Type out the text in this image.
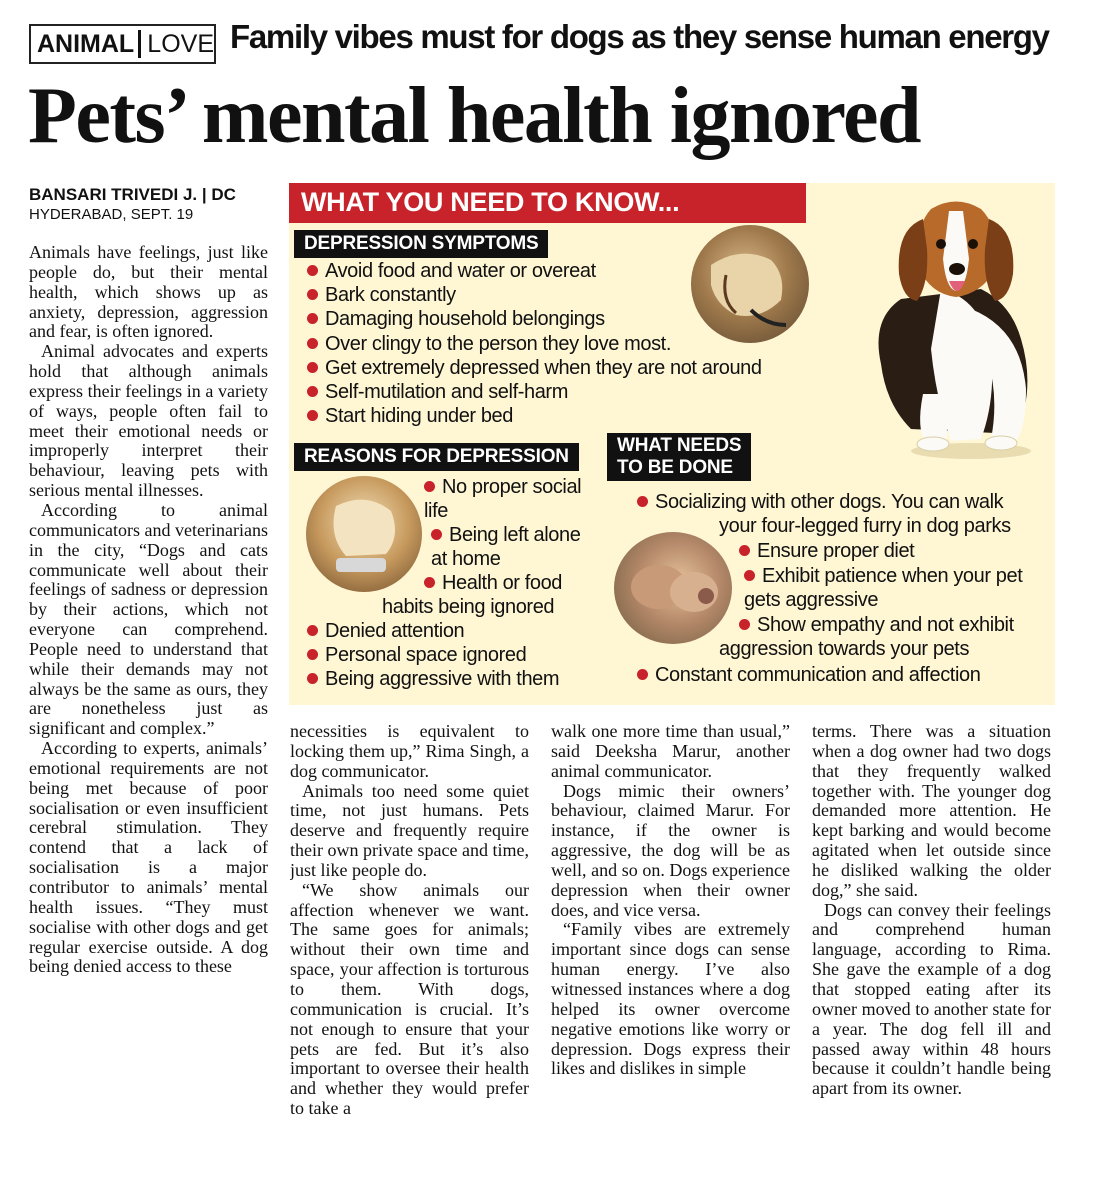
ANIMAL LOVE Family vibes must for dogs as they sense human energy
Pets’ mental health ignored
BANSARI TRIVEDI J. | DC
HYDERABAD, SEPT. 19

Animals have feelings, just like people do, but their mental health, which shows up as anxiety, depression, aggression and fear, is often ignored.

Animal advocates and experts hold that although animals express their feelings in a variety of ways, people often fail to meet their emotional needs or improperly interpret their behaviour, leaving pets with serious mental illnesses.

According to animal communicators and veterinarians in the city, “Dogs and cats communicate well about their feelings of sadness or depression by their actions, which not everyone can comprehend. People need to understand that while their demands may not always be the same as ours, they are nonetheless just as significant and complex.”

According to experts, animals’ emotional requirements are not being met because of poor socialisation or even insufficient cerebral stimulation. They contend that a lack of socialisation is a major contributor to animals’ mental health issues. “They must socialise with other dogs and get regular exercise outside. A dog being denied access to these

WHAT YOU NEED TO KNOW...
DEPRESSION SYMPTOMS
Avoid food and water or overeat
Bark constantly
Damaging household belongings
Over clingy to the person they love most.
Get extremely depressed when they are not around
Self-mutilation and self-harm
Start hiding under bed
REASONS FOR DEPRESSION
No proper social
life
Being left alone
at home
Health or food
habits being ignored
Denied attention
Personal space ignored
Being aggressive with them
WHAT NEEDS
TO BE DONE
Socializing with other dogs. You can walk
your four-legged furry in dog parks
Ensure proper diet
Exhibit patience when your pet
gets aggressive
Show empathy and not exhibit
aggression towards your pets
Constant communication and affection

necessities is equivalent to locking them up,” Rima Singh, a dog communicator.

Animals too need some quiet time, not just humans. Pets deserve and frequently require their own private space and time, just like people do.

“We show animals our affection whenever we want. The same goes for animals; without their own time and space, your affection is torturous to them. With dogs, communication is crucial. It’s not enough to ensure that your pets are fed. But it’s also important to oversee their health and whether they would prefer to take a

walk one more time than usual,” said Deeksha Marur, another animal communicator.

Dogs mimic their owners’ behaviour, claimed Marur. For instance, if the owner is aggressive, the dog will be as well, and so on. Dogs experience depression when their owner does, and vice versa.

“Family vibes are extremely important since dogs can sense human energy. I’ve also witnessed instances where a dog helped its owner overcome negative emotions like worry or depression. Dogs express their likes and dislikes in simple

terms. There was a situation when a dog owner had two dogs that they frequently walked together with. The younger dog demanded more attention. He kept barking and would become agitated when let outside since he disliked walking the older dog,” she said.

Dogs can convey their feelings and comprehend human language, according to Rima. She gave the example of a dog that stopped eating after its owner moved to another state for a year. The dog fell ill and passed away within 48 hours because it couldn’t handle being apart from its owner.
